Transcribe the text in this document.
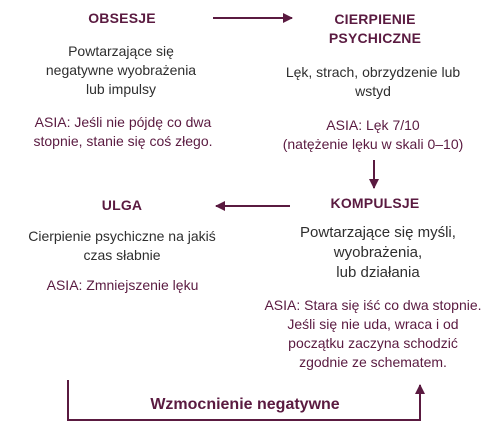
OBSESJE
Powtarzające się negatywne wyobrażenia lub impulsy
ASIA: Jeśli nie pójdę co dwa stopnie, stanie się coś złego.
CIERPIENIE
PSYCHICZNE
Lęk, strach, obrzydzenie lub wstyd
ASIA: Lęk 7/10
(natężenie lęku w skali 0–10)
ULGA
Cierpienie psychiczne na jakiś czas słabnie
ASIA: Zmniejszenie lęku
KOMPULSJE
Powtarzające się myśli,
wyobrażenia,
lub działania
ASIA: Stara się iść co dwa stopnie. Jeśli się nie uda, wraca i od początku zaczyna schodzić zgodnie ze schematem.
Wzmocnienie negatywne
